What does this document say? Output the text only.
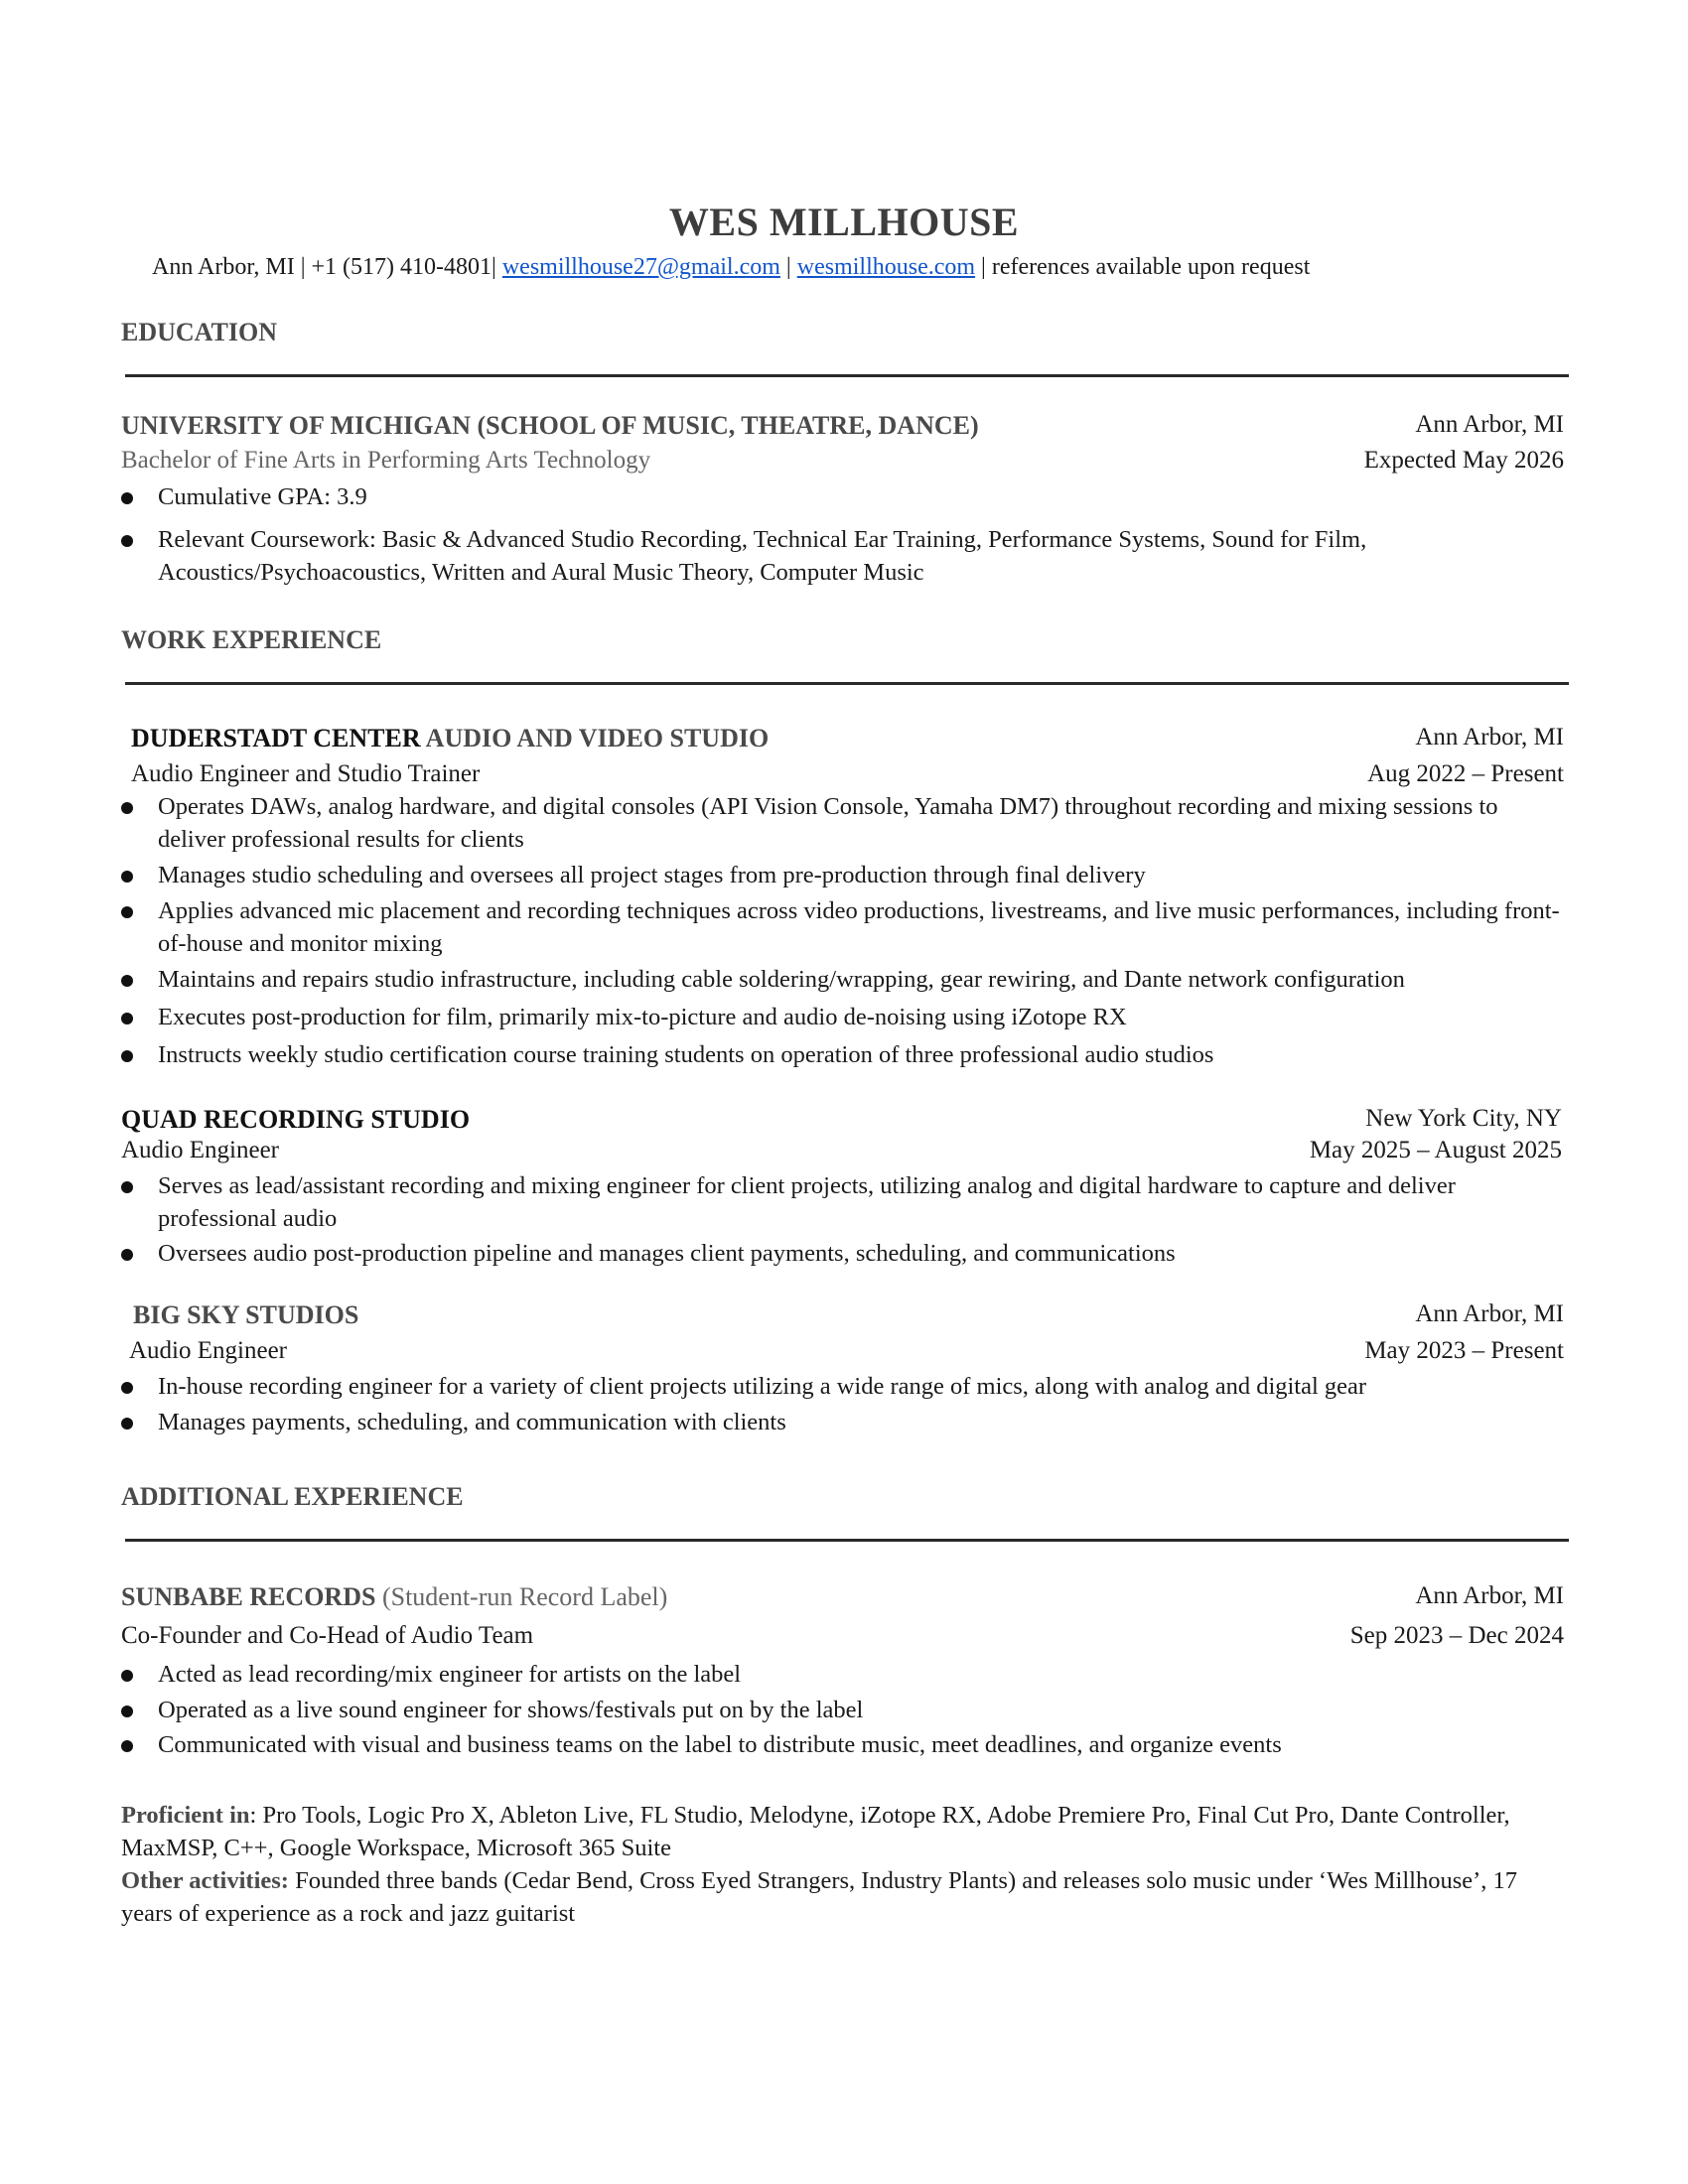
WES MILLHOUSE
Ann Arbor, MI | +1 (517) 410-4801| wesmillhouse27@gmail.com | wesmillhouse.com | references available upon request
EDUCATION
UNIVERSITY OF MICHIGAN (SCHOOL OF MUSIC, THEATRE, DANCE)	Ann Arbor, MI
Bachelor of Fine Arts in Performing Arts Technology	Expected May 2026
Cumulative GPA: 3.9
Relevant Coursework: Basic & Advanced Studio Recording, Technical Ear Training, Performance Systems, Sound for Film, Acoustics/Psychoacoustics, Written and Aural Music Theory, Computer Music
WORK EXPERIENCE
DUDERSTADT CENTER AUDIO AND VIDEO STUDIO	Ann Arbor, MI
Audio Engineer and Studio Trainer	Aug 2022 – Present
Operates DAWs, analog hardware, and digital consoles (API Vision Console, Yamaha DM7) throughout recording and mixing sessions to deliver professional results for clients
Manages studio scheduling and oversees all project stages from pre-production through final delivery
Applies advanced mic placement and recording techniques across video productions, livestreams, and live music performances, including front-of-house and monitor mixing
Maintains and repairs studio infrastructure, including cable soldering/wrapping, gear rewiring, and Dante network configuration
Executes post-production for film, primarily mix-to-picture and audio de-noising using iZotope RX
Instructs weekly studio certification course training students on operation of three professional audio studios
QUAD RECORDING STUDIO	New York City, NY
Audio Engineer	May 2025 – August 2025
Serves as lead/assistant recording and mixing engineer for client projects, utilizing analog and digital hardware to capture and deliver professional audio
Oversees audio post-production pipeline and manages client payments, scheduling, and communications
BIG SKY STUDIOS	Ann Arbor, MI
Audio Engineer	May 2023 – Present
In-house recording engineer for a variety of client projects utilizing a wide range of mics, along with analog and digital gear
Manages payments, scheduling, and communication with clients
ADDITIONAL EXPERIENCE
SUNBABE RECORDS (Student-run Record Label)	Ann Arbor, MI
Co-Founder and Co-Head of Audio Team	Sep 2023 – Dec 2024
Acted as lead recording/mix engineer for artists on the label
Operated as a live sound engineer for shows/festivals put on by the label
Communicated with visual and business teams on the label to distribute music, meet deadlines, and organize events
Proficient in: Pro Tools, Logic Pro X, Ableton Live, FL Studio, Melodyne, iZotope RX, Adobe Premiere Pro, Final Cut Pro, Dante Controller, MaxMSP, C++, Google Workspace, Microsoft 365 Suite
Other activities: Founded three bands (Cedar Bend, Cross Eyed Strangers, Industry Plants) and releases solo music under ‘Wes Millhouse’, 17 years of experience as a rock and jazz guitarist
